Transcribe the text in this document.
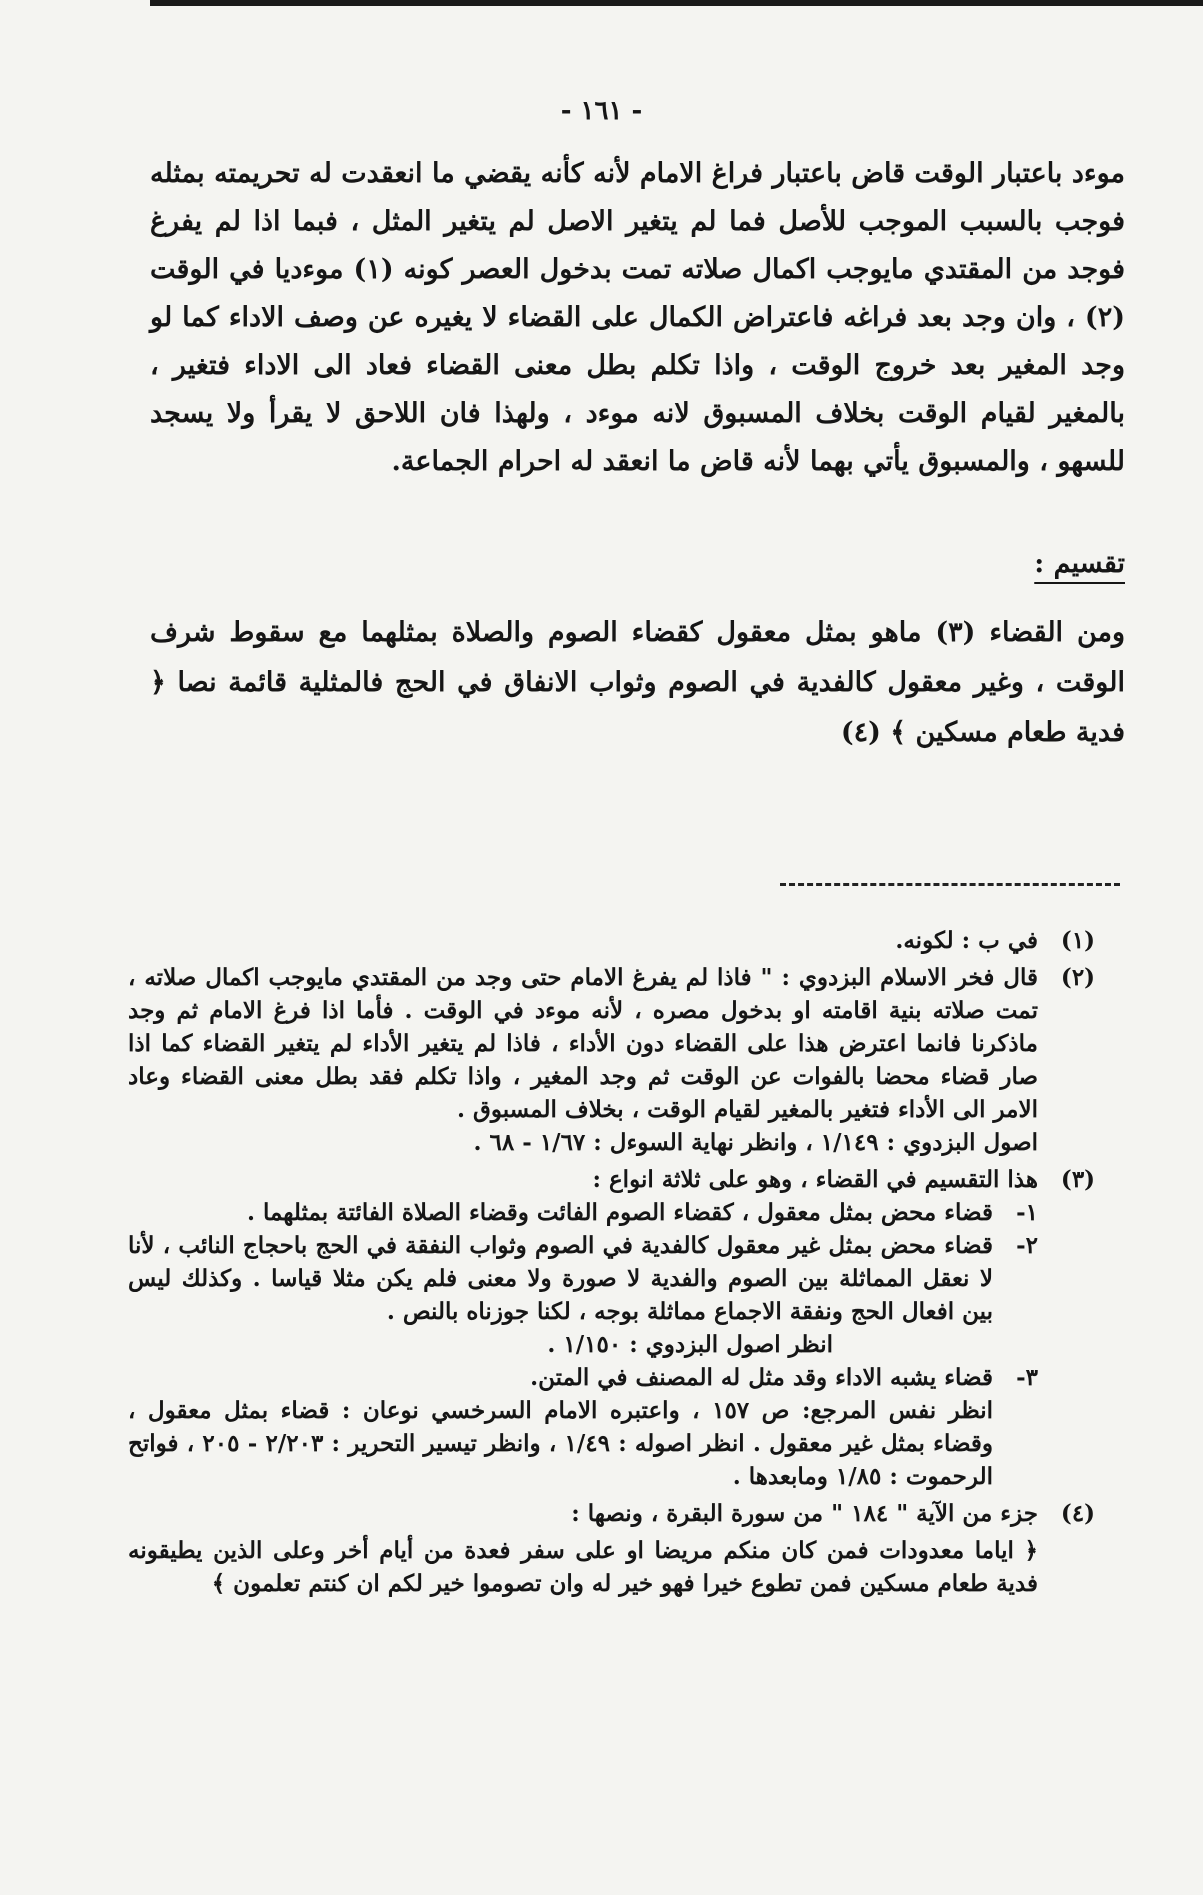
- ١٦١ -

موءد باعتبار الوقت قاض باعتبار فراغ الامام لأنه كأنه يقضي ما انعقدت له تحريمته بمثله فوجب بالسبب الموجب للأصل فما لم يتغير الاصل لم يتغير المثل ، فبما اذا لم يفرغ فوجد من المقتدي مايوجب اكمال صلاته تمت بدخول العصر كونه (١) موءديا في الوقت (٢) ، وان وجد بعد فراغه فاعتراض الكمال على القضاء لا يغيره عن وصف الاداء كما لو وجد المغير بعد خروج الوقت ، واذا تكلم بطل معنى القضاء فعاد الى الاداء فتغير ، بالمغير لقيام الوقت بخلاف المسبوق لانه موءد ، ولهذا فان اللاحق لا يقرأ ولا يسجد للسهو ، والمسبوق يأتي بهما لأنه قاض ما انعقد له احرام الجماعة.

تقسيم :

ومن القضاء (٣) ماهو بمثل معقول كقضاء الصوم والصلاة بمثلهما مع سقوط شرف الوقت ، وغير معقول كالفدية في الصوم وثواب الانفاق في الحج فالمثلية قائمة نصا ﴿ فدية طعام مسكين ﴾ (٤)

(١)
في ب : لكونه.
(٢)
قال فخر الاسلام البزدوي : " فاذا لم يفرغ الامام حتى وجد من المقتدي مايوجب اكمال صلاته ، تمت صلاته بنية اقامته او بدخول مصره ، لأنه موءد في الوقت . فأما اذا فرغ الامام ثم وجد ماذكرنا فانما اعترض هذا على القضاء دون الأداء ، فاذا لم يتغير الأداء لم يتغير القضاء كما اذا صار قضاء محضا بالفوات عن الوقت ثم وجد المغير ، واذا تكلم فقد بطل معنى القضاء وعاد الامر الى الأداء فتغير بالمغير لقيام الوقت ، بخلاف المسبوق .
اصول البزدوي : ١/١٤٩ ، وانظر نهاية السوءل : ١/٦٧ - ٦٨ .
(٣)
هذا التقسيم في القضاء ، وهو على ثلاثة انواع :
١-
قضاء محض بمثل معقول ، كقضاء الصوم الفائت وقضاء الصلاة الفائتة بمثلهما .
٢-
قضاء محض بمثل غير معقول كالفدية في الصوم وثواب النفقة في الحج باحجاج النائب ، لأنا لا نعقل المماثلة بين الصوم والفدية لا صورة ولا معنى فلم يكن مثلا قياسا . وكذلك ليس بين افعال الحج ونفقة الاجماع مماثلة بوجه ، لكنا جوزناه بالنص .
انظر اصول البزدوي : ١/١٥٠ .
٣-
قضاء يشبه الاداء وقد مثل له المصنف في المتن.
انظر نفس المرجع: ص ١٥٧ ، واعتبره الامام السرخسي نوعان : قضاء بمثل معقول ، وقضاء بمثل غير معقول . انظر اصوله : ١/٤٩ ، وانظر تيسير التحرير : ٢/٢٠٣ - ٢٠٥ ، فواتح الرحموت : ١/٨٥ ومابعدها .
(٤)
جزء من الآية " ١٨٤ " من سورة البقرة ، ونصها :
﴿ اياما معدودات فمن كان منكم مريضا او على سفر فعدة من أيام أخر وعلى الذين يطيقونه فدية طعام مسكين فمن تطوع خيرا فهو خير له وان تصوموا خير لكم ان كنتم تعلمون ﴾
